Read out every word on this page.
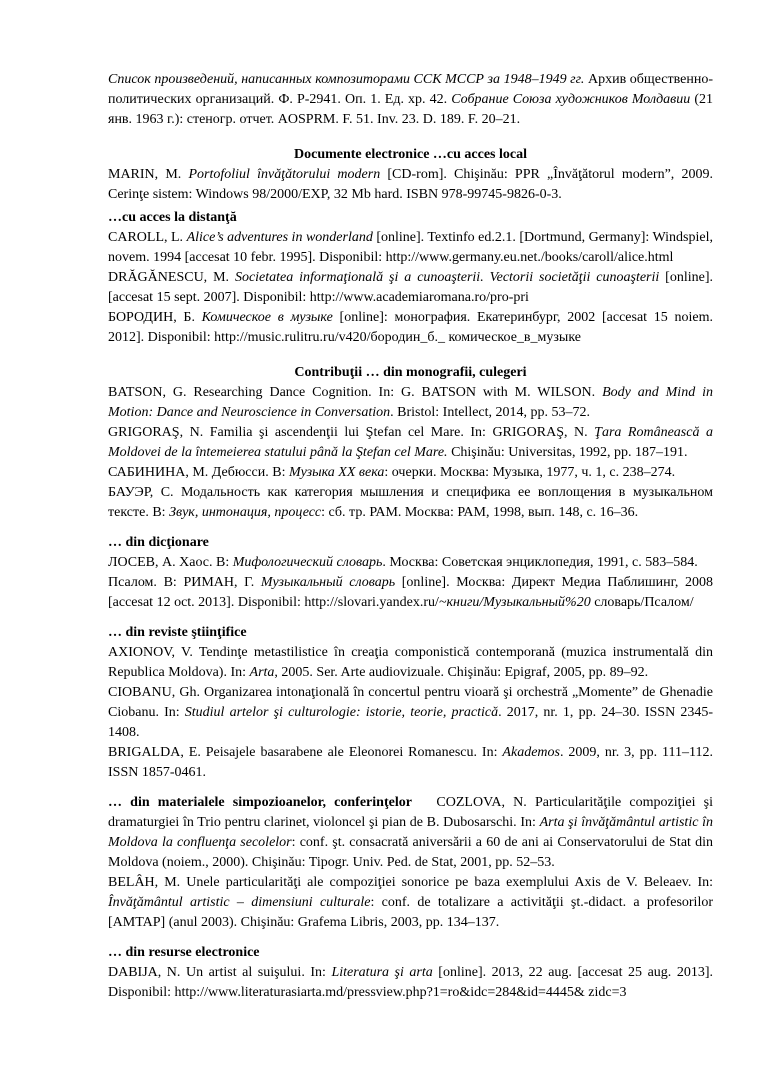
Список произведений, написанных композиторами ССК МССР за 1948–1949 гг. Архив общественно-политических организаций. Ф. Р-2941. Оп. 1. Ед. хр. 42. Собрание Союза художников Молдавии (21 янв. 1963 г.): стеногр. отчет. AOSPRM. F. 51. Inv. 23. D. 189. F. 20–21.

Documente electronice …cu acces local

MARIN, M. Portofoliul învăţătorului modern [CD-rom]. Chişinău: PPR „Învăţătorul modern”, 2009. Cerinţe sistem: Windows 98/2000/EXP, 32 Mb hard. ISBN 978-99745-9826-0-3.

…cu acces la distanţă

CAROLL, L. Alice’s adventures in wonderland [online]. Textinfo ed.2.1. [Dortmund, Germany]: Windspiel, novem. 1994 [accesat 10 febr. 1995]. Disponibil: http://www.germany.eu.net./books/caroll/alice.html

DRĂGĂNESCU, M. Societatea informaţională şi a cunoaşterii. Vectorii societăţii cunoaşterii [online]. [accesat 15 sept. 2007]. Disponibil: http://www.academiaromana.ro/pro-pri

БОРОДИН, Б. Комическое в музыке [online]: монография. Екатеринбург, 2002 [accesat 15 noiem. 2012]. Disponibil: http://music.rulitru.ru/v420/бородин_б._ комическое_в_музыке

Contribuţii … din monografii, culegeri

BATSON, G. Researching Dance Cognition. In: G. BATSON with M. WILSON. Body and Mind in Motion: Dance and Neuroscience in Conversation. Bristol: Intellect, 2014, pp. 53–72.

GRIGORAŞ, N. Familia şi ascendenţii lui Ştefan cel Mare. In: GRIGORAŞ, N. Ţara Românească a Moldovei de la întemeierea statului până la Ştefan cel Mare. Chişinău: Universitas, 1992, pp. 187–191.

САБИНИНА, М. Дебюсси. В: Музыка XX века: очерки. Москва: Музыка, 1977, ч. 1, с. 238–274.

БАУЭР, С. Модальность как категория мышления и специфика ее воплощения в музыкальном тексте. В: Звук, интонация, процесс: сб. тр. РАМ. Москва: РАМ, 1998, вып. 148, с. 16–36.

… din dicţionare

ЛОСЕВ, А. Хаос. В: Мифологический словарь. Москва: Советская энциклопедия, 1991, с. 583–584.

Псалом. В: РИМАН, Г. Музыкальный словарь [online]. Москва: Директ Медиа Паблишинг, 2008 [accesat 12 oct. 2013]. Disponibil: http://slovari.yandex.ru/~книги/Музыкальный%20 словарь/Псалом/

… din reviste ştiinţifice

AXIONOV, V. Tendinţe metastilistice în creaţia componistică contemporană (muzica instrumentală din Republica Moldova). In: Arta, 2005. Ser. Arte audiovizuale. Chişinău: Epigraf, 2005, pp. 89–92.

CIOBANU, Gh. Organizarea intonaţională în concertul pentru vioară şi orchestră „Momente” de Ghenadie Ciobanu. In: Studiul artelor şi culturologie: istorie, teorie, practică. 2017, nr. 1, pp. 24–30. ISSN 2345-1408.

BRIGALDA, E. Peisajele basarabene ale Eleonorei Romanescu. In: Akademos. 2009, nr. 3, pp. 111–112. ISSN 1857-0461.

… din materialele simpozioanelor, conferinţelor   COZLOVA, N. Particularităţile compoziţiei şi dramaturgiei în Trio pentru clarinet, violoncel şi pian de B. Dubosarschi. In: Arta şi învăţământul artistic în Moldova la confluenţa secolelor: conf. şt. consacrată aniversării a 60 de ani ai Conservatorului de Stat din Moldova (noiem., 2000). Chişinău: Tipogr. Univ. Ped. de Stat, 2001, pp. 52–53.

BELÂH, M. Unele particularităţi ale compoziţiei sonorice pe baza exemplului Axis de V. Beleaev. In: Învăţământul artistic – dimensiuni culturale: conf. de totalizare a activităţii şt.-didact. a profesorilor [AMTAP] (anul 2003). Chişinău: Grafema Libris, 2003, pp. 134–137.

… din resurse electronice

DABIJA, N. Un artist al suişului. In: Literatura şi arta [online]. 2013, 22 aug. [accesat 25 aug. 2013]. Disponibil: http://www.literaturasiarta.md/pressview.php?1=ro&idc=284&id=4445& zidc=3
